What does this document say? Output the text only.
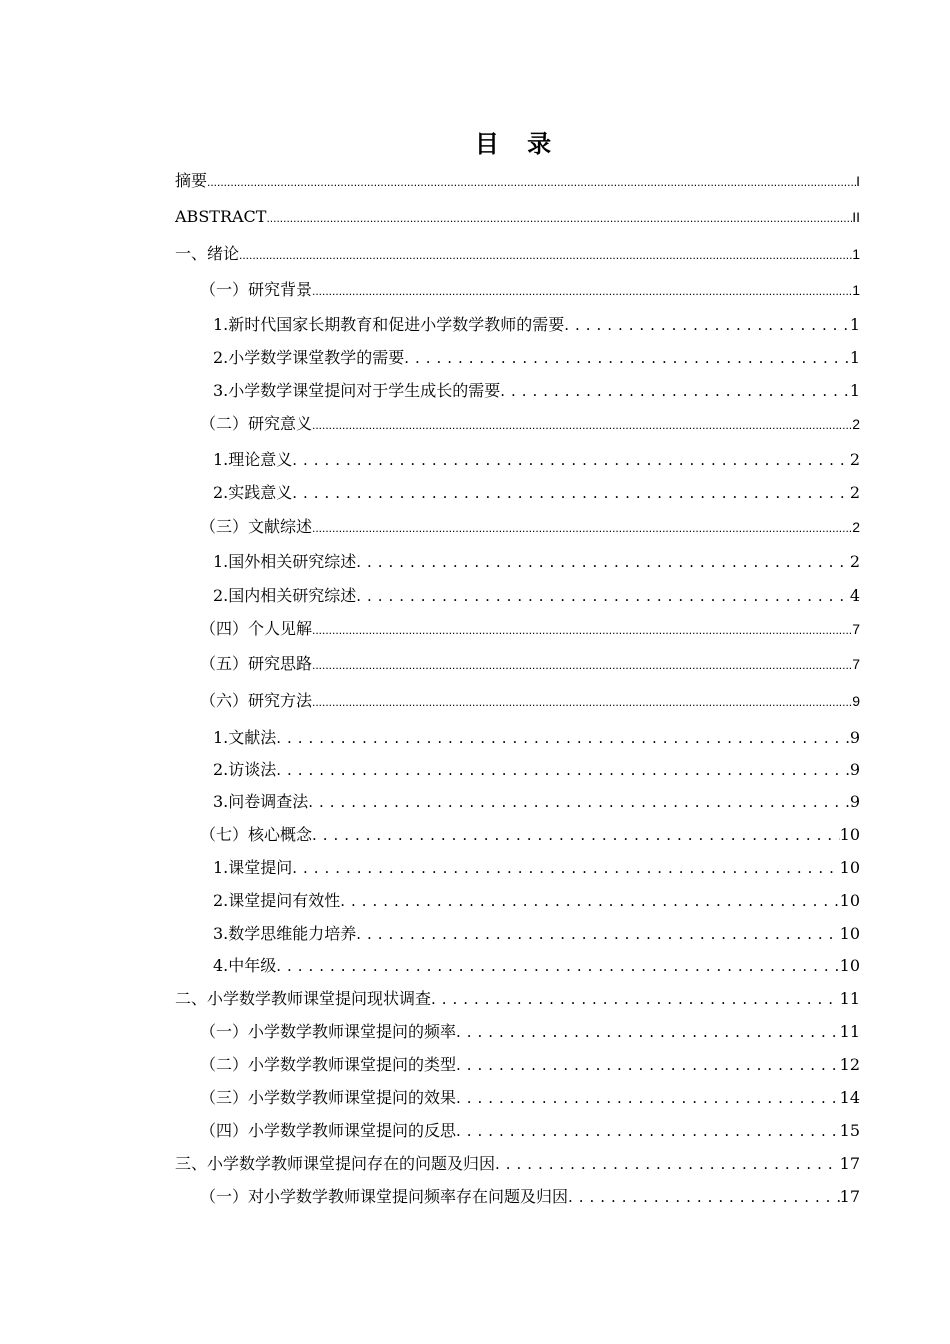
目 录
摘要 .....	I
ABSTRACT .....	II
一、绪论 .....	1
（一）研究背景 .....	1
1.新时代国家长期教育和促进小学数学教师的需要 . . .	1
2.小学数学课堂教学的需要 . . .	1
3.小学数学课堂提问对于学生成长的需要 . . .	1
（二）研究意义 .....	2
1.理论意义 . . .	2
2.实践意义 . . .	2
（三）文献综述 .....	2
1.国外相关研究综述 . . .	2
2.国内相关研究综述 . . .	4
（四）个人见解 .....	7
（五）研究思路 .....	7
（六）研究方法 .....	9
1.文献法 . . .	9
2.访谈法 . . .	9
3.问卷调查法 . . .	9
（七）核心概念 . . .	10
1.课堂提问 . . .	10
2.课堂提问有效性 . . .	10
3.数学思维能力培养 . . .	10
4.中年级 . . .	10
二、小学数学教师课堂提问现状调查 . . .	11
（一）小学数学教师课堂提问的频率 . . .	11
（二）小学数学教师课堂提问的类型 . . .	12
（三）小学数学教师课堂提问的效果 . . .	14
（四）小学数学教师课堂提问的反思 . . .	15
三、小学数学教师课堂提问存在的问题及归因 . . .	17
（一）对小学数学教师课堂提问频率存在问题及归因 . . .	17
